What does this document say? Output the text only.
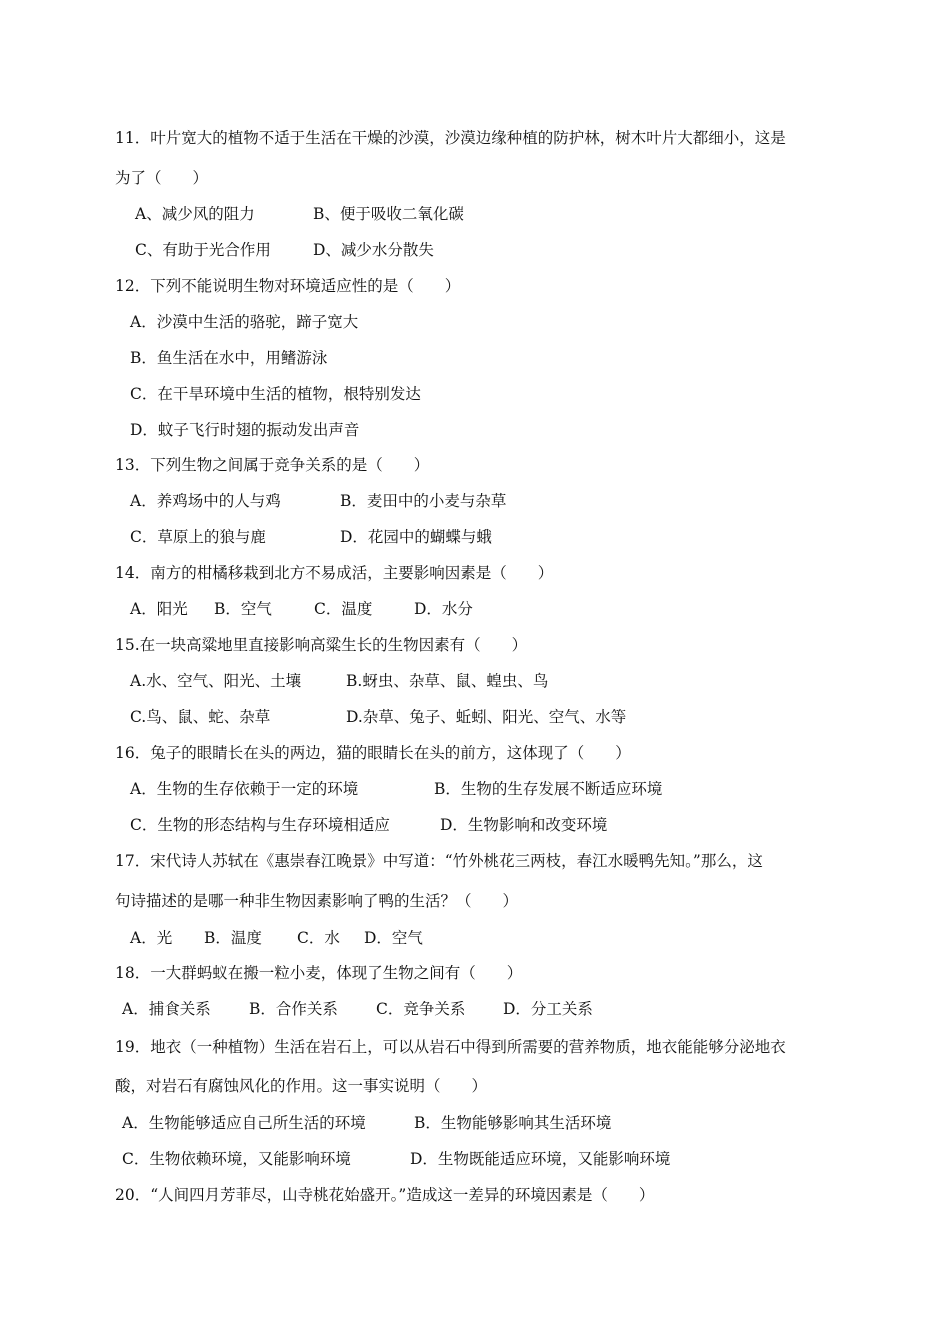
11．叶片宽大的植物不适于生活在干燥的沙漠，沙漠边缘种植的防护林，树木叶片大都细小，这是
为了（　　）
A、减少风的阻力	B、便于吸收二氧化碳
C、有助于光合作用	D、减少水分散失
12．下列不能说明生物对环境适应性的是（　　）
A．沙漠中生活的骆驼，蹄子宽大
B．鱼生活在水中，用鳍游泳
C．在干旱环境中生活的植物，根特别发达
D．蚊子飞行时翅的振动发出声音
13．下列生物之间属于竞争关系的是（　　）
A．养鸡场中的人与鸡	B．麦田中的小麦与杂草
C．草原上的狼与鹿	D．花园中的蝴蝶与蛾
14．南方的柑橘移栽到北方不易成活，主要影响因素是（　　）
A．阳光 B．空气	C．温度	D．水分
15.在一块高粱地里直接影响高粱生长的生物因素有（　　）
A.水、空气、阳光、土壤	B.蚜虫、杂草、鼠、蝗虫、鸟
C.鸟、鼠、蛇、杂草	D.杂草、兔子、蚯蚓、阳光、空气、水等
16．兔子的眼睛长在头的两边，猫的眼睛长在头的前方，这体现了（　　）
A．生物的生存依赖于一定的环境	B．生物的生存发展不断适应环境
C．生物的形态结构与生存环境相适应	D．生物影响和改变环境
17．宋代诗人苏轼在《惠崇春江晚景》中写道：“竹外桃花三两枝，春江水暖鸭先知。”那么，这
句诗描述的是哪一种非生物因素影响了鸭的生活？（　　）
A．光 B．温度 C．水 D．空气
18．一大群蚂蚁在搬一粒小麦，体现了生物之间有（　　）
A．捕食关系 B．合作关系 C．竞争关系 D．分工关系
19．地衣（一种植物）生活在岩石上，可以从岩石中得到所需要的营养物质，地衣能能够分泌地衣
酸，对岩石有腐蚀风化的作用。这一事实说明（　　）
A．生物能够适应自己所生活的环境	B．生物能够影响其生活环境
C．生物依赖环境，又能影响环境	D．生物既能适应环境，又能影响环境
20．“人间四月芳菲尽，山寺桃花始盛开。”造成这一差异的环境因素是（　　）
